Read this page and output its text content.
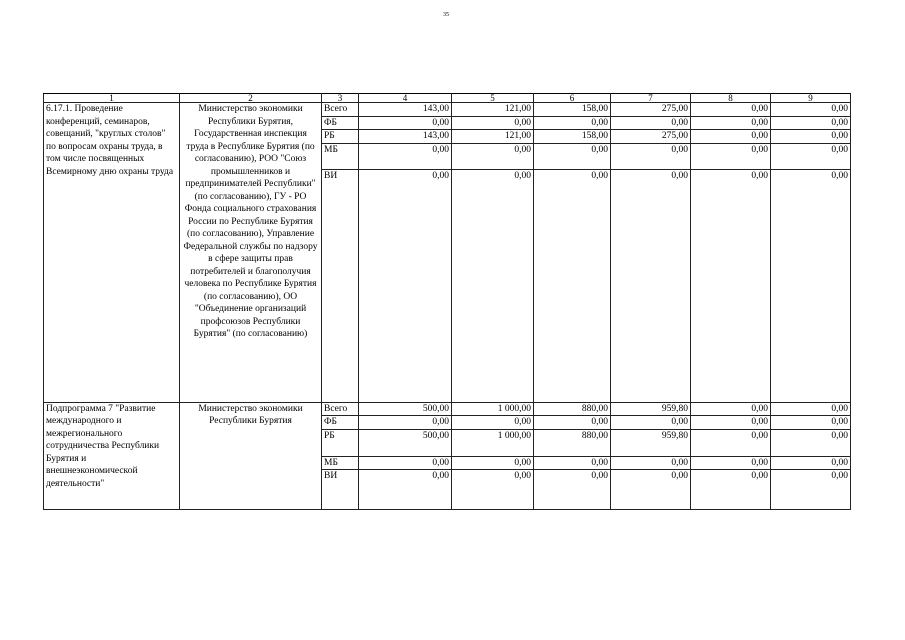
35
1	2	3	4	5	6	7	8	9
6.17.1. Проведение конференций, семинаров, совещаний, "круглых столов" по вопросам охраны труда, в том числе посвященных Всемирному дню охраны труда	Министерство экономики Республики Бурятия, Государственная инспекция труда в Республике Бурятия (по согласованию), РОО "Союз промышленников и предпринимателей Республики" (по согласованию), ГУ - РО Фонда социального страхования России по Республике Бурятия (по согласованию), Управление Федеральной службы по надзору в сфере защиты прав потребителей и благополучия человека по Республике Бурятия (по согласованию), ОО "Объединение организаций профсоюзов Республики Бурятия" (по согласованию)	Всего	143,00	121,00	158,00	275,00	0,00	0,00
		ФБ	0,00	0,00	0,00	0,00	0,00	0,00
		РБ	143,00	121,00	158,00	275,00	0,00	0,00
		МБ	0,00	0,00	0,00	0,00	0,00	0,00
		ВИ	0,00	0,00	0,00	0,00	0,00	0,00
Подпрограмма 7 "Развитие международного и межрегионального сотрудничества Республики Бурятия и внешнеэкономической деятельности"	Министерство экономики Республики Бурятия	Всего	500,00	1 000,00	880,00	959,80	0,00	0,00
		ФБ	0,00	0,00	0,00	0,00	0,00	0,00
		РБ	500,00	1 000,00	880,00	959,80	0,00	0,00
		МБ	0,00	0,00	0,00	0,00	0,00	0,00
		ВИ	0,00	0,00	0,00	0,00	0,00	0,00
